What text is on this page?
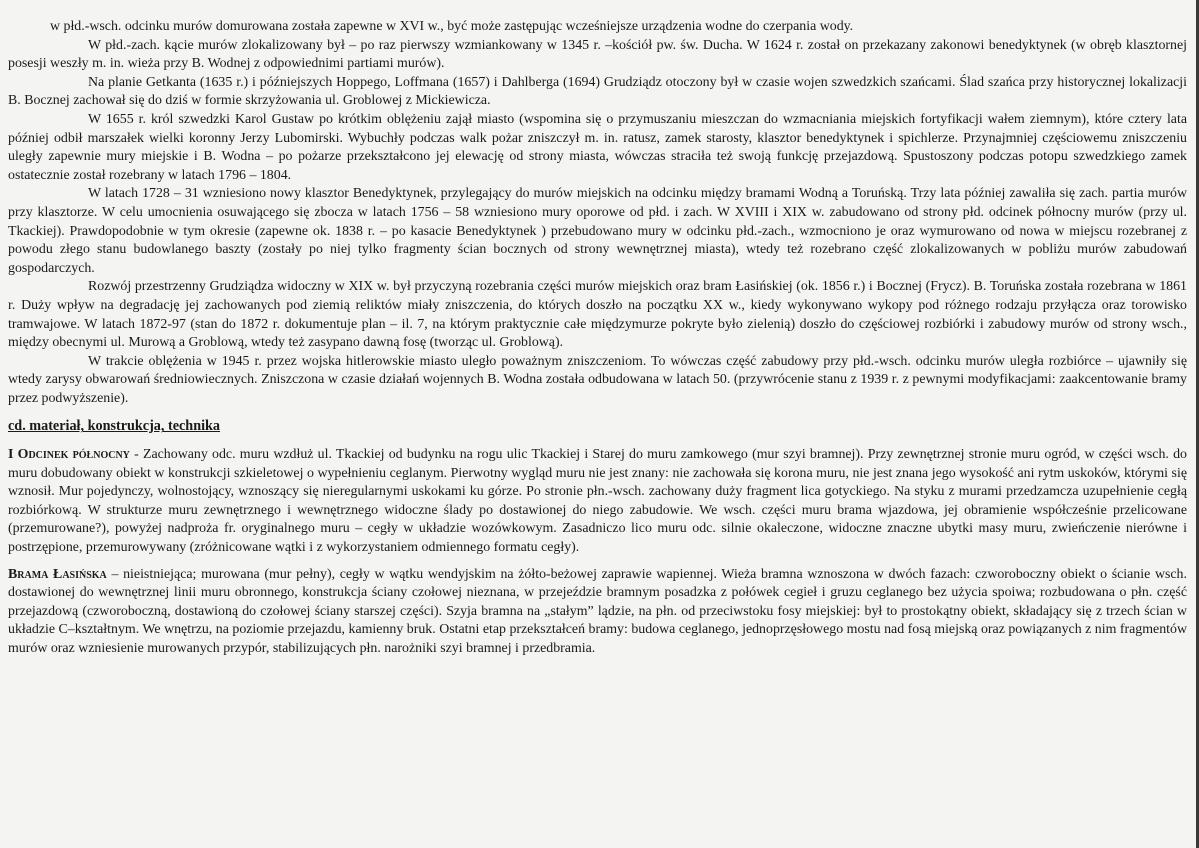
w płd.-wsch. odcinku murów domurowana została zapewne w XVI w., być może zastępując wcześniejsze urządzenia wodne do czerpania wody.

W płd.-zach. kącie murów zlokalizowany był – po raz pierwszy wzmiankowany w 1345 r. –kościół pw. św. Ducha. W 1624 r. został on przekazany zakonowi benedyktynek (w obręb klasztornej posesji weszły m. in. wieża przy B. Wodnej z odpowiednimi partiami murów).

Na planie Getkanta (1635 r.) i późniejszych Hoppego, Loffmana (1657) i Dahlberga (1694) Grudziądz otoczony był w czasie wojen szwedzkich szańcami. Ślad szańca przy historycznej lokalizacji B. Bocznej zachował się do dziś w formie skrzyżowania ul. Groblowej z Mickiewicza.

W 1655 r. król szwedzki Karol Gustaw po krótkim oblężeniu zajął miasto (wspomina się o przymuszaniu mieszczan do wzmacniania miejskich fortyfikacji wałem ziemnym), które cztery lata później odbił marszałek wielki koronny Jerzy Lubomirski. Wybuchły podczas walk pożar zniszczył m. in. ratusz, zamek starosty, klasztor benedyktynek i spichlerze. Przynajmniej częściowemu zniszczeniu uległy zapewnie mury miejskie i B. Wodna – po pożarze przekształcono jej elewację od strony miasta, wówczas straciła też swoją funkcję przejazdową. Spustoszony podczas potopu szwedzkiego zamek ostatecznie został rozebrany w latach 1796 – 1804.

W latach 1728 – 31 wzniesiono nowy klasztor Benedyktynek, przylegający do murów miejskich na odcinku między bramami Wodną a Toruńską. Trzy lata później zawaliła się zach. partia murów przy klasztorze. W celu umocnienia osuwającego się zbocza w latach 1756 – 58 wzniesiono mury oporowe od płd. i zach. W XVIII i XIX w. zabudowano od strony płd. odcinek północny murów (przy ul. Tkackiej). Prawdopodobnie w tym okresie (zapewne ok. 1838 r. – po kasacie Benedyktynek ) przebudowano mury w odcinku płd.-zach., wzmocniono je oraz wymurowano od nowa w miejscu rozebranej z powodu złego stanu budowlanego baszty (zostały po niej tylko fragmenty ścian bocznych od strony wewnętrznej miasta), wtedy też rozebrano część zlokalizowanych w pobliżu murów zabudowań gospodarczych.

Rozwój przestrzenny Grudziądza widoczny w XIX w. był przyczyną rozebrania części murów miejskich oraz bram Łasińskiej (ok. 1856 r.) i Bocznej (Frycz). B. Toruńska została rozebrana w 1861 r. Duży wpływ na degradację jej zachowanych pod ziemią reliktów miały zniszczenia, do których doszło na początku XX w., kiedy wykonywano wykopy pod różnego rodzaju przyłącza oraz torowisko tramwajowe. W latach 1872-97 (stan do 1872 r. dokumentuje plan – il. 7, na którym praktycznie całe międzymurze pokryte było zielenią) doszło do częściowej rozbiórki i zabudowy murów od strony wsch., między obecnymi ul. Murową a Groblową, wtedy też zasypano dawną fosę (tworząc ul. Groblową).

W trakcie oblężenia w 1945 r. przez wojska hitlerowskie miasto uległo poważnym zniszczeniom. To wówczas część zabudowy przy płd.-wsch. odcinku murów uległa rozbiórce – ujawniły się wtedy zarysy obwarowań średniowiecznych. Zniszczona w czasie działań wojennych B. Wodna została odbudowana w latach 50. (przywrócenie stanu z 1939 r. z pewnymi modyfikacjami: zaakcentowanie bramy przez podwyższenie).

cd. materiał, konstrukcja, technika

I Odcinek północny - Zachowany odc. muru wzdłuż ul. Tkackiej od budynku na rogu ulic Tkackiej i Starej do muru zamkowego (mur szyi bramnej). Przy zewnętrznej stronie muru ogród, w części wsch. do muru dobudowany obiekt w konstrukcji szkieletowej o wypełnieniu ceglanym. Pierwotny wygląd muru nie jest znany: nie zachowała się korona muru, nie jest znana jego wysokość ani rytm uskoków, którymi się wznosił. Mur pojedynczy, wolnostojący, wznoszący się nieregularnymi uskokami ku górze. Po stronie płn.-wsch. zachowany duży fragment lica gotyckiego. Na styku z murami przedzamcza uzupełnienie cegłą rozbiórkową. W strukturze muru zewnętrznego i wewnętrznego widoczne ślady po dostawionej do niego zabudowie. We wsch. części muru brama wjazdowa, jej obramienie współcześnie przelicowane (przemurowane?), powyżej nadproża fr. oryginalnego muru – cegły w układzie wozówkowym. Zasadniczo lico muru odc. silnie okaleczone, widoczne znaczne ubytki masy muru, zwieńczenie nierówne i postrzępione, przemurowywany (zróżnicowane wątki i z wykorzystaniem odmiennego formatu cegły).

Brama Łasińska – nieistniejąca; murowana (mur pełny), cegły w wątku wendyjskim na żółto-beżowej zaprawie wapiennej. Wieża bramna wznoszona w dwóch fazach: czworoboczny obiekt o ścianie wsch. dostawionej do wewnętrznej linii muru obronnego, konstrukcja ściany czołowej nieznana, w przejeździe bramnym posadzka z połówek cegieł i gruzu ceglanego bez użycia spoiwa; rozbudowana o płn. część przejazdową (czworoboczną, dostawioną do czołowej ściany starszej części). Szyja bramna na „stałym” lądzie, na płn. od przeciwstoku fosy miejskiej: był to prostokątny obiekt, składający się z trzech ścian w układzie C–kształtnym. We wnętrzu, na poziomie przejazdu, kamienny bruk. Ostatni etap przekształceń bramy: budowa ceglanego, jednoprzęsłowego mostu nad fosą miejską oraz powiązanych z nim fragmentów murów oraz wzniesienie murowanych przypór, stabilizujących płn. narożniki szyi bramnej i przedbramia.
